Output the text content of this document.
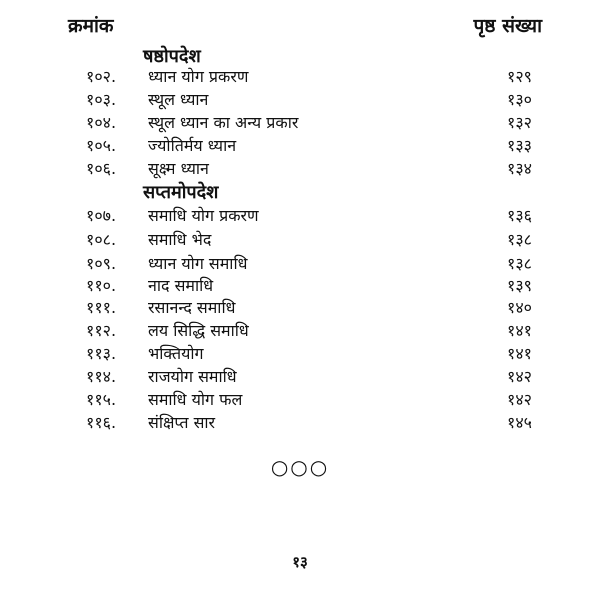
क्रमांक	पृष्ठ संख्या
षष्ठोपदेश
१०२. ध्यान योग प्रकरण	१२९
१०३. स्थूल ध्यान	१३०
१०४. स्थूल ध्यान का अन्य प्रकार	१३२
१०५. ज्योतिर्मय ध्यान	१३३
१०६. सूक्ष्म ध्यान	१३४
सप्तमोपदेश
१०७. समाधि योग प्रकरण	१३६
१०८. समाधि भेद	१३८
१०९. ध्यान योग समाधि	१३८
११०. नाद समाधि	१३९
१११. रसानन्द समाधि	१४०
११२. लय सिद्धि समाधि	१४१
११३. भक्तियोग	१४१
११४. राजयोग समाधि	१४२
११५. समाधि योग फल	१४२
११६. संक्षिप्त सार	१४५
○○○
१३
